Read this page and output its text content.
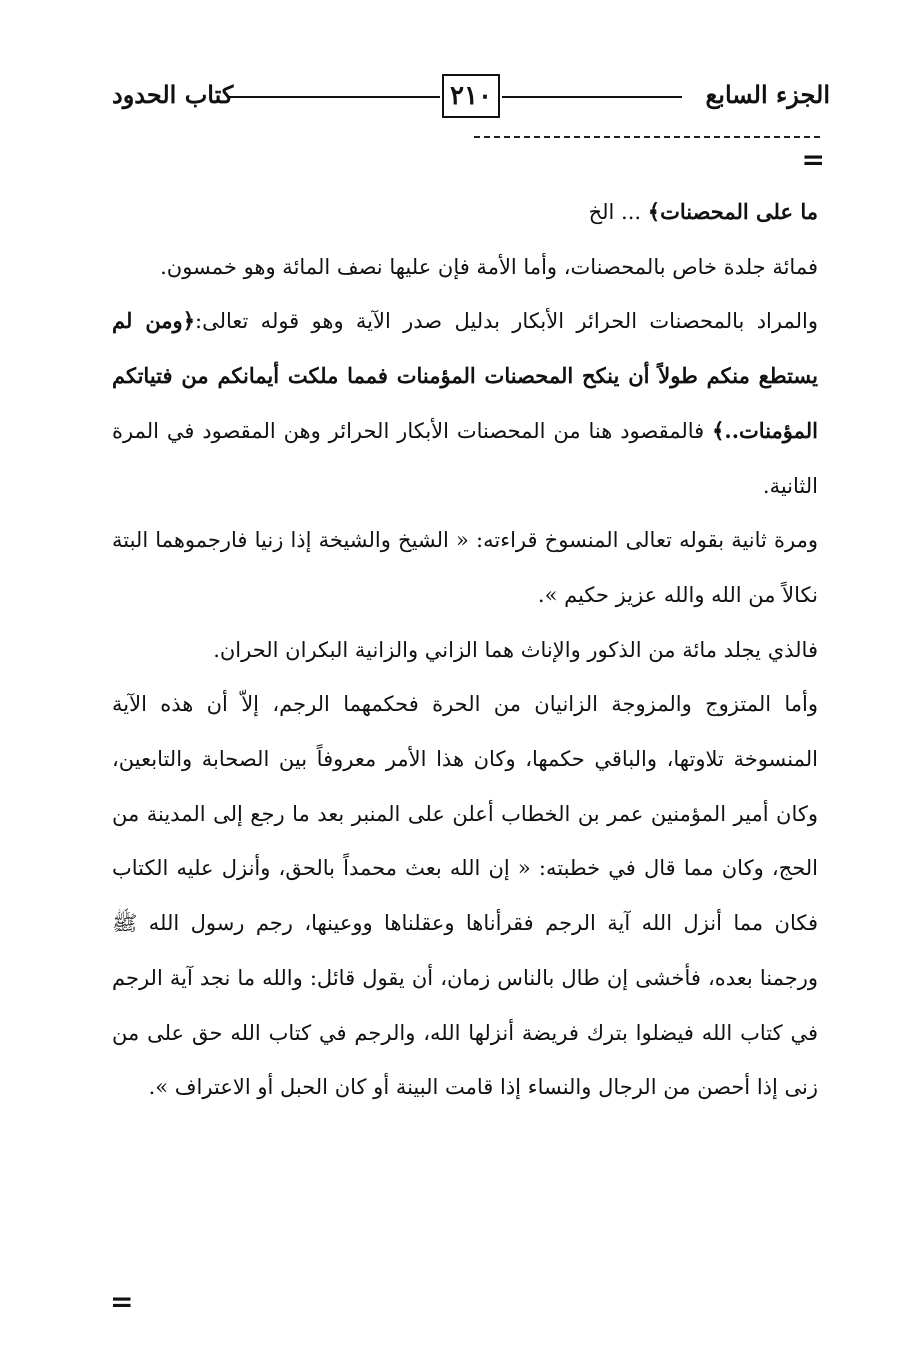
الجزء السابع
٢١٠
كتاب الحدود
=

ما على المحصنات﴾ ... الخ

فمائة جلدة خاص بالمحصنات، وأما الأمة فإن عليها نصف المائة وهو خمسون.

والمراد بالمحصنات الحرائر الأبكار بدليل صدر الآية وهو قوله تعالى:﴿ومن لم يستطع منكم طولاً أن ينكح المحصنات المؤمنات فمما ملكت أيمانكم من فتياتكم المؤمنات..﴾ فالمقصود هنا من المحصنات الأبكار الحرائر وهن المقصود في المرة الثانية.

ومرة ثانية بقوله تعالى المنسوخ قراءته: « الشيخ والشيخة إذا زنيا فارجموهما البتة نكالاً من الله والله عزيز حكيم ».

فالذي يجلد مائة من الذكور والإناث هما الزاني والزانية البكران الحران.

وأما المتزوج والمزوجة الزانيان من الحرة فحكمهما الرجم، إلاّ أن هذه الآية المنسوخة تلاوتها، والباقي حكمها، وكان هذا الأمر معروفاً بين الصحابة والتابعين، وكان أمير المؤمنين عمر بن الخطاب أعلن على المنبر بعد ما رجع إلى المدينة من الحج، وكان مما قال في خطبته: « إن الله بعث محمداً بالحق، وأنزل عليه الكتاب فكان مما أنزل الله آية الرجم فقرأناها وعقلناها ووعينها، رجم رسول الله ﷺ ورجمنا بعده، فأخشى إن طال بالناس زمان، أن يقول قائل: والله ما نجد آية الرجم في كتاب الله فيضلوا بترك فريضة أنزلها الله، والرجم في كتاب الله حق على من زنى إذا أحصن من الرجال والنساء إذا قامت البينة أو كان الحبل أو الاعتراف ».

=
